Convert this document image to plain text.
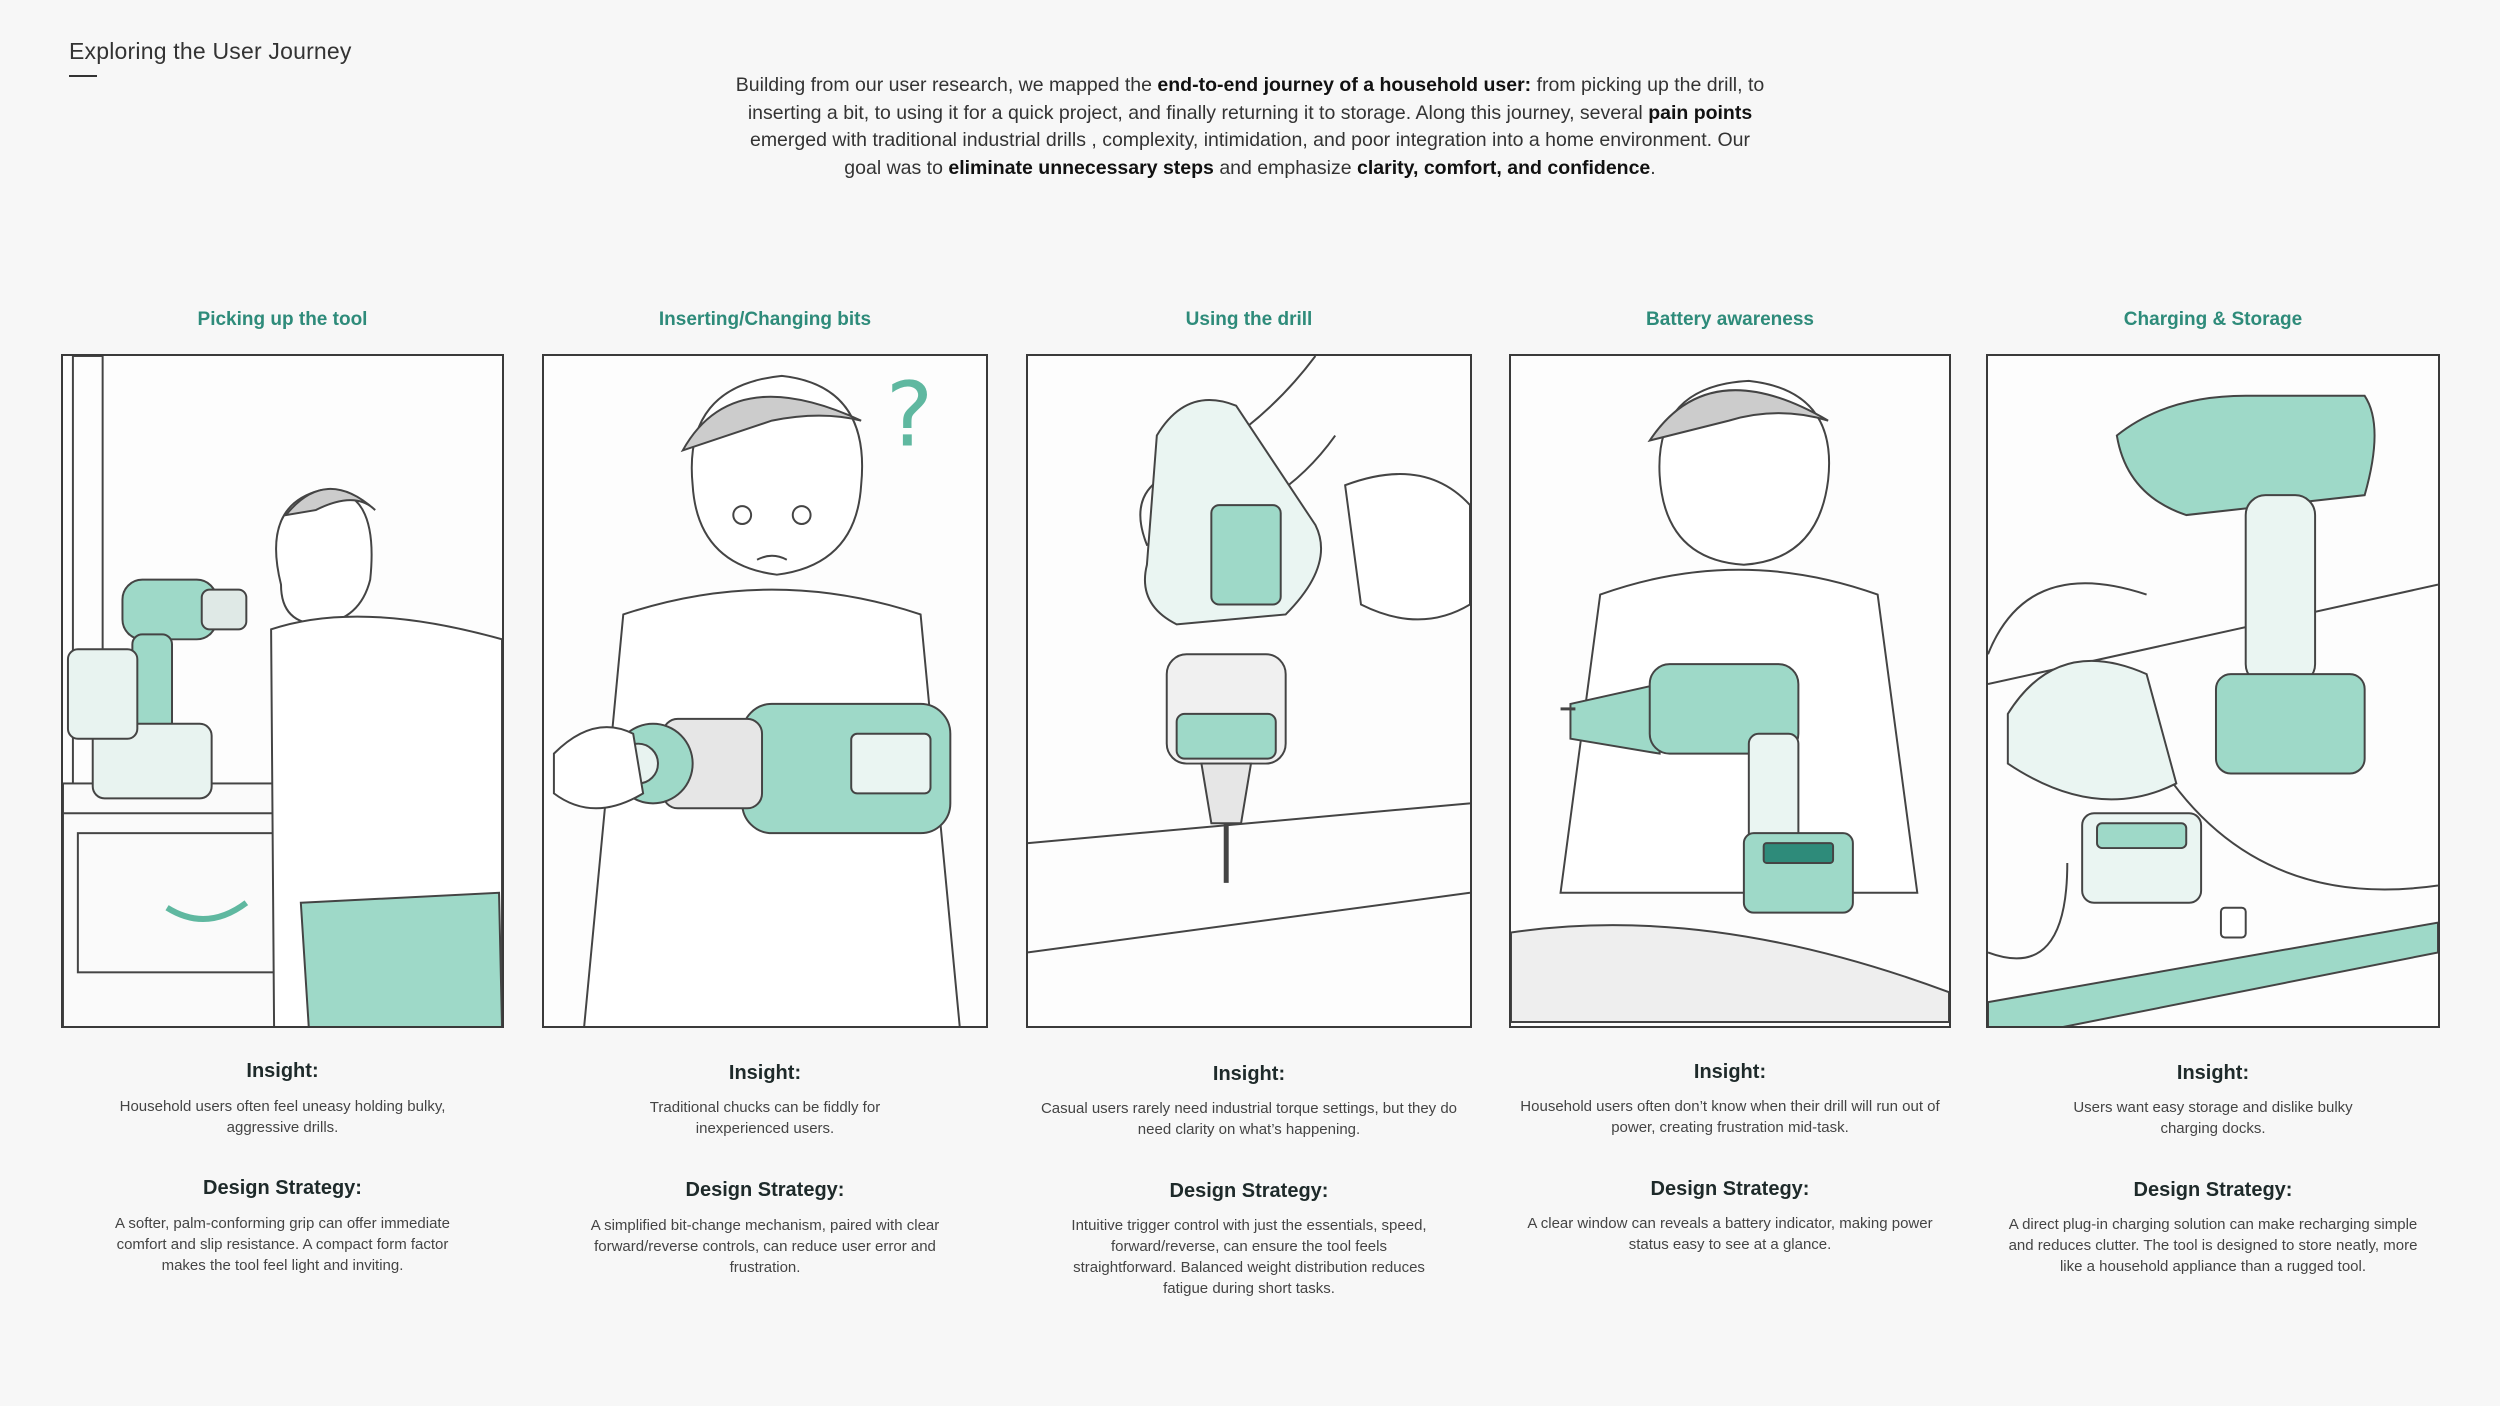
Exploring the User Journey
Building from our user research, we mapped the end-to-end journey of a household user: from picking up the drill, to inserting a bit, to using it for a quick project, and finally returning it to storage. Along this journey, several pain points emerged with traditional industrial drills , complexity, intimidation, and poor integration into a home environment. Our goal was to eliminate unnecessary steps and emphasize clarity, comfort, and confidence.
Picking up the tool
Insight:
Household users often feel uneasy holding bulky, aggressive drills.
Design Strategy:
A softer, palm-conforming grip can offer immediate comfort and slip resistance. A compact form factor makes the tool feel light and inviting.
Inserting/Changing bits
?
Insight:
Traditional chucks can be fiddly for inexperienced users.
Design Strategy:
A simplified bit-change mechanism, paired with clear forward/reverse controls, can reduce user error and frustration.
Using the drill
Insight:
Casual users rarely need industrial torque settings, but they do need clarity on what’s happening.
Design Strategy:
Intuitive trigger control with just the essentials, speed, forward/reverse, can ensure the tool feels straightforward. Balanced weight distribution reduces fatigue during short tasks.
Battery awareness
Insight:
Household users often don’t know when their drill will run out of power, creating frustration mid-task.
Design Strategy:
A clear window can reveals a battery indicator, making power status easy to see at a glance.
Charging & Storage
Insight:
Users want easy storage and dislike bulky charging docks.
Design Strategy:
A direct plug-in charging solution can make recharging simple and reduces clutter. The tool is designed to store neatly, more like a household appliance than a rugged tool.
